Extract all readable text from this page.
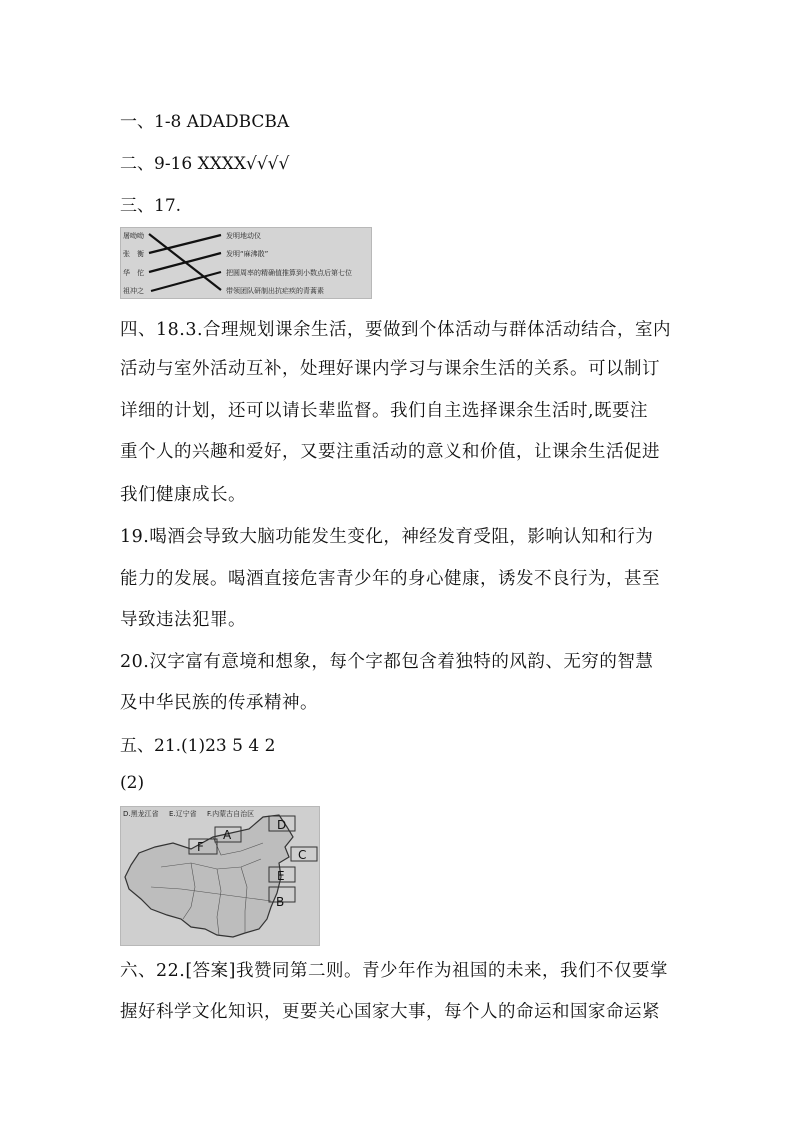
一、1-8 ADADBCBA
二、9-16 XXXX√√√√
三、17.
屠呦呦
张　衡
华　佗
祖冲之
发明地动仪
发明“麻沸散”
把圆周率的精确值推算到小数点后第七位
带领团队研制出抗疟疾的青蒿素

四、18.3.合理规划课余生活，要做到个体活动与群体活动结合，室内

活动与室外活动互补，处理好课内学习与课余生活的关系。可以制订

详细的计划，还可以请长辈监督。我们自主选择课余生活时,既要注

重个人的兴趣和爱好，又要注重活动的意义和价值，让课余生活促进

我们健康成长。

19.喝酒会导致大脑功能发生变化，神经发育受阻，影响认知和行为

能力的发展。喝酒直接危害青少年的身心健康，诱发不良行为，甚至

导致违法犯罪。

20.汉字富有意境和想象，每个字都包含着独特的风韵、无穷的智慧

及中华民族的传承精神。

五、21.(1)23 5 4 2
(2)
D.黑龙江省 E.辽宁省 F.内蒙古自治区
A
B
C
D
E
F

六、22.[答案]我赞同第二则。青少年作为祖国的未来，我们不仅要掌

握好科学文化知识，更要关心国家大事，每个人的命运和国家命运紧
